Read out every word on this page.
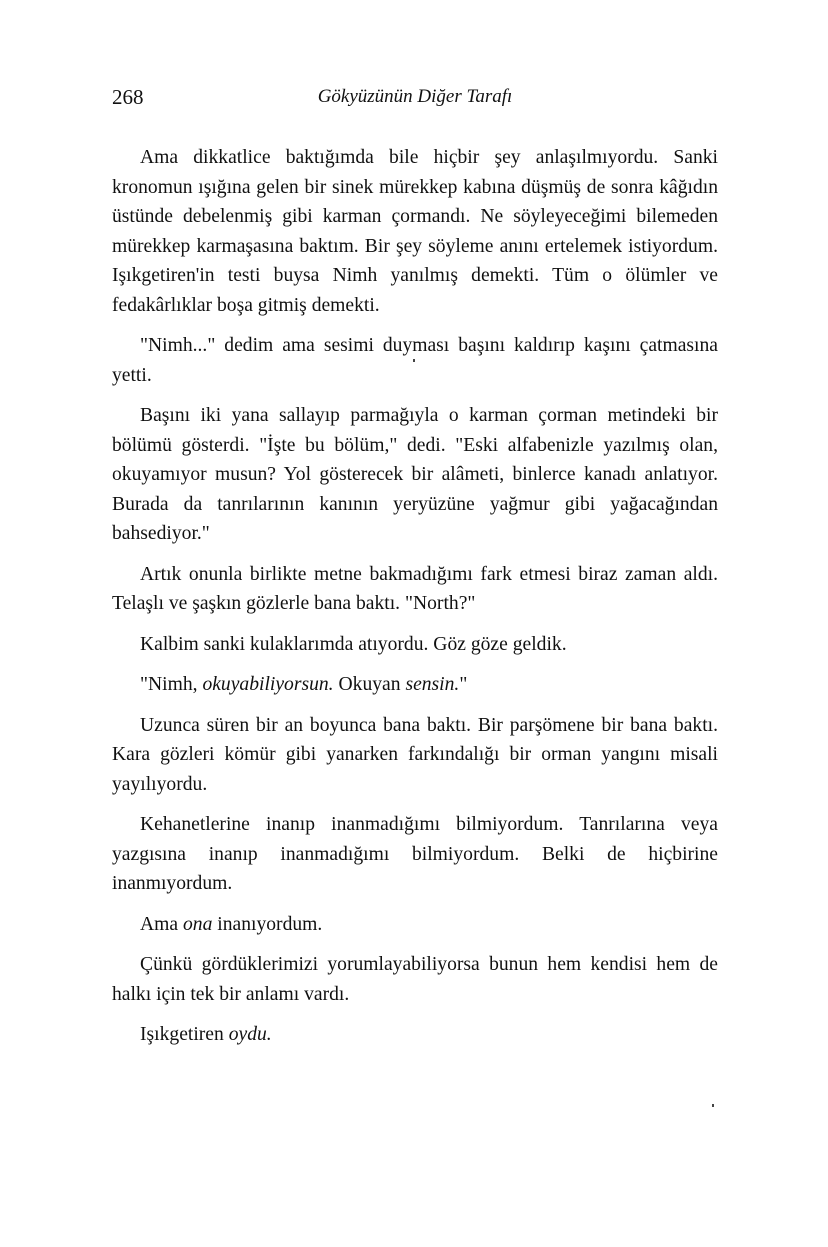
268	Gökyüzünün Diğer Tarafı

Ama dikkatlice baktığımda bile hiçbir şey anlaşılmıyordu. Sanki kronomun ışığına gelen bir sinek mürekkep kabına düşmüş de sonra kâğıdın üstünde debelenmiş gibi karman çormandı. Ne söyleyeceğimi bilemeden mürekkep karmaşasına baktım. Bir şey söyleme anını ertelemek istiyordum. Işıkgetiren'in testi buysa Nimh yanılmış demekti. Tüm o ölümler ve fedakârlıklar boşa gitmiş demekti.

"Nimh..." dedim ama sesimi duyması başını kaldırıp kaşını çatmasına yetti.

Başını iki yana sallayıp parmağıyla o karman çorman metindeki bir bölümü gösterdi. "İşte bu bölüm," dedi. "Eski alfabenizle yazılmış olan, okuyamıyor musun? Yol gösterecek bir alâmeti, binlerce kanadı anlatıyor. Burada da tanrılarının kanının yeryüzüne yağmur gibi yağacağından bahsediyor."

Artık onunla birlikte metne bakmadığımı fark etmesi biraz zaman aldı. Telaşlı ve şaşkın gözlerle bana baktı. "North?"

Kalbim sanki kulaklarımda atıyordu. Göz göze geldik.

"Nimh, okuyabiliyorsun. Okuyan sensin."

Uzunca süren bir an boyunca bana baktı. Bir parşömene bir bana baktı. Kara gözleri kömür gibi yanarken farkındalığı bir orman yangını misali yayılıyordu.

Kehanetlerine inanıp inanmadığımı bilmiyordum. Tanrılarına veya yazgısına inanıp inanmadığımı bilmiyordum. Belki de hiçbirine inanmıyordum.

Ama ona inanıyordum.

Çünkü gördüklerimizi yorumlayabiliyorsa bunun hem kendisi hem de halkı için tek bir anlamı vardı.

Işıkgetiren oydu.
